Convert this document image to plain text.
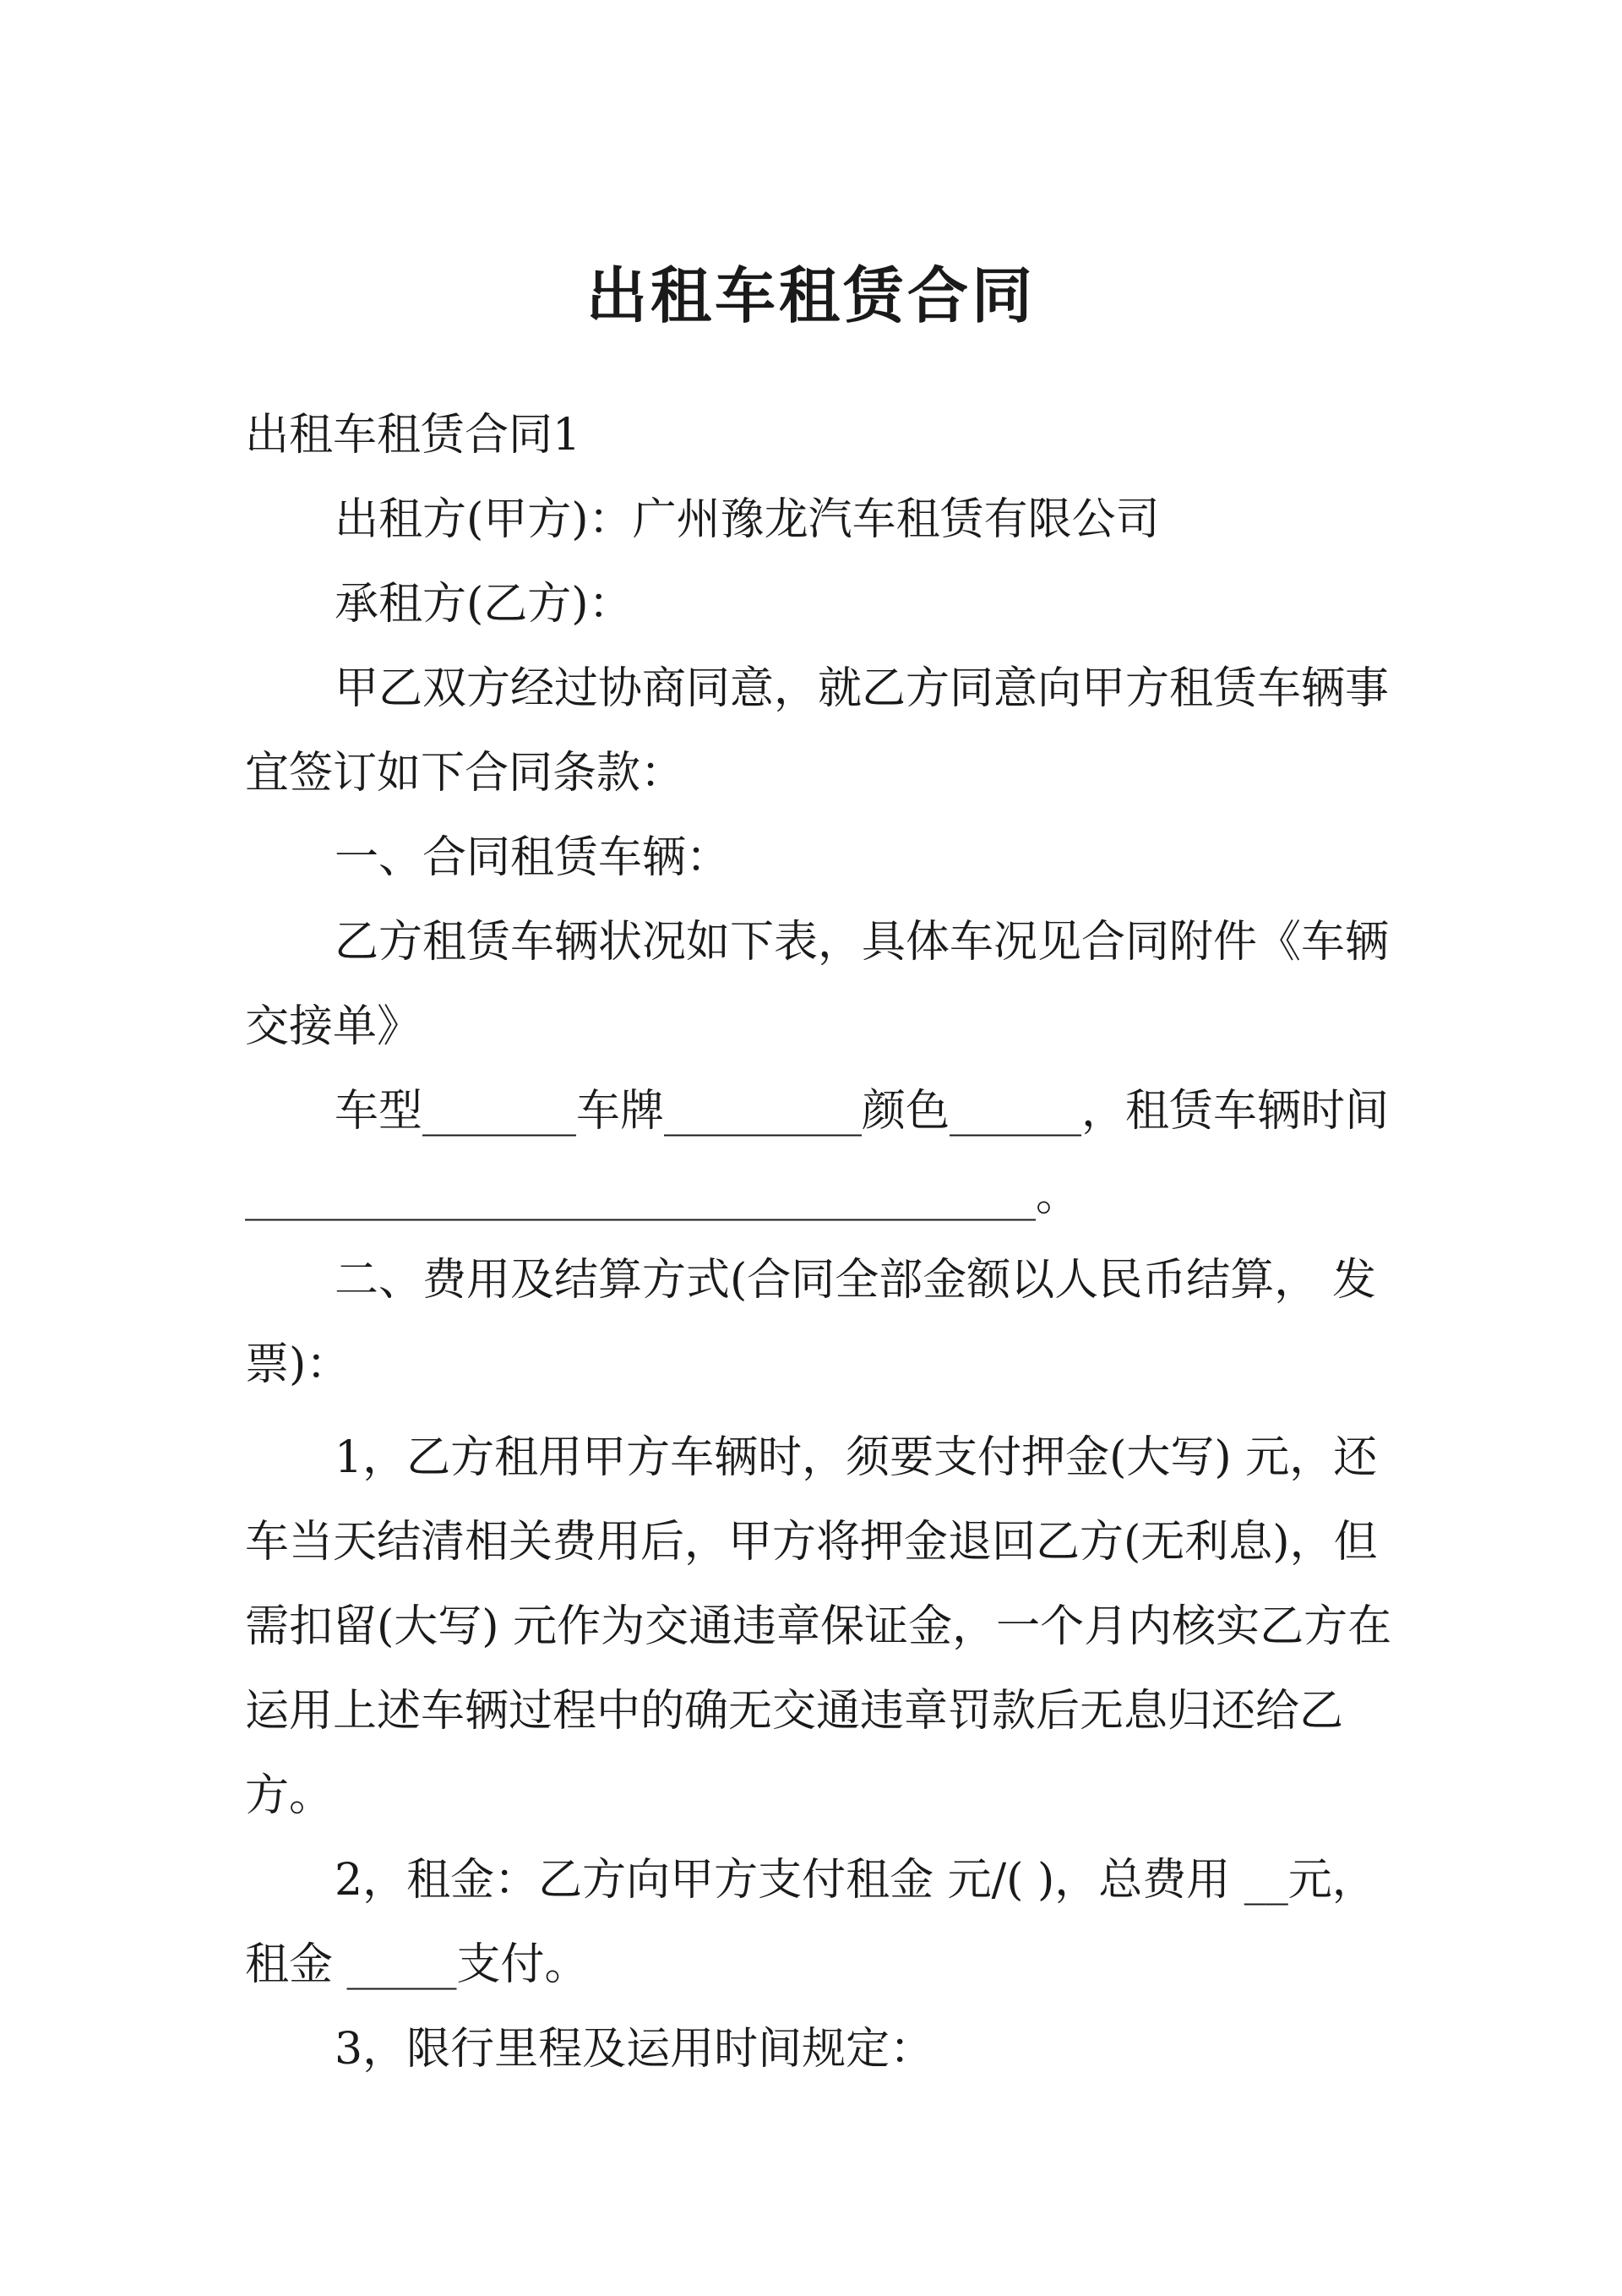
出租车租赁合同
出租车租赁合同1
出租方(甲方)：广州豫龙汽车租赁有限公司
承租方(乙方)：
甲乙双方经过协商同意，就乙方同意向甲方租赁车辆事
宜签订如下合同条款：
一、合同租赁车辆：
乙方租赁车辆状况如下表，具体车况见合同附件《车辆
交接单》
车型_______车牌_________颜色______，租赁车辆时间
____________________________________。
二、费用及结算方式(合同全部金额以人民币结算， 发
票)：
1，乙方租用甲方车辆时，须要支付押金(大写) 元，还
车当天结清相关费用后，甲方将押金退回乙方(无利息)，但
需扣留(大写) 元作为交通违章保证金，一个月内核实乙方在
运用上述车辆过程中的确无交通违章罚款后无息归还给乙
方。
2，租金：乙方向甲方支付租金 元/( )，总费用 __元，
租金 _____支付。
3，限行里程及运用时间规定：
